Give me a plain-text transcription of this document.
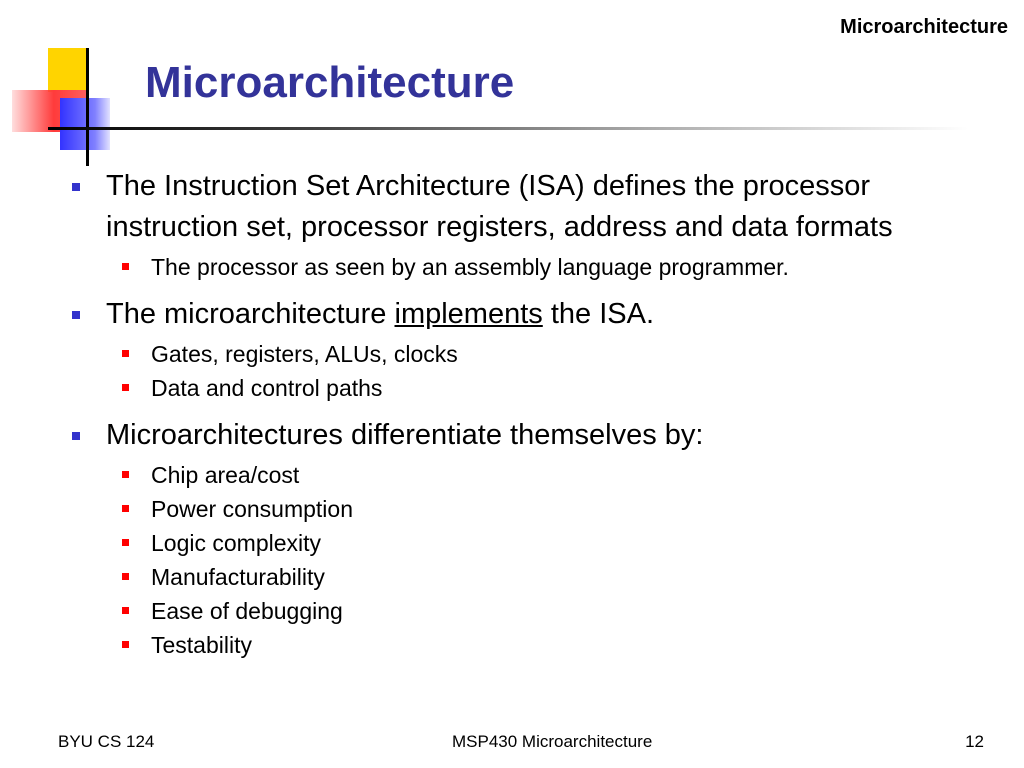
Microarchitecture
Microarchitecture
The Instruction Set Architecture (ISA) defines the processor instruction set, processor registers, address and data formats
The processor as seen by an assembly language programmer.
The microarchitecture implements the ISA.
Gates, registers, ALUs, clocks
Data and control paths
Microarchitectures differentiate themselves by:
Chip area/cost
Power consumption
Logic complexity
Manufacturability
Ease of debugging
Testability
BYU CS 124	MSP430 Microarchitecture	12
